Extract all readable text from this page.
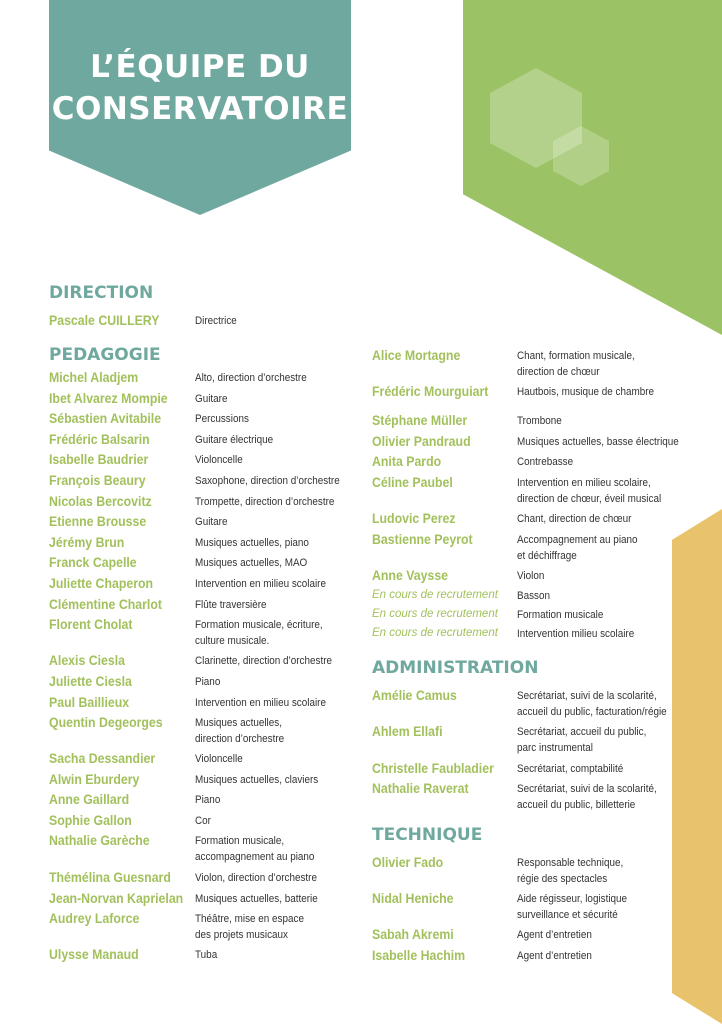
L’ÉQUIPE DU
CONSERVATOIRE
DIRECTION
PEDAGOGIE
ADMINISTRATION
TECHNIQUE
Pascale CUILLERY	Directrice
Michel Aladjem	Alto, direction d’orchestre
Ibet Alvarez Mompie Guitare
Sébastien Avitabile	Percussions
Frédéric Balsarin	Guitare électrique
Isabelle Baudrier	Violoncelle
François Beaury	Saxophone, direction d’orchestre
Nicolas Bercovitz	Trompette, direction d’orchestre
Etienne Brousse	Guitare
Jérémy Brun	Musiques actuelles, piano
Franck Capelle	Musiques actuelles, MAO
Juliette Chaperon	Intervention en milieu scolaire
Clémentine Charlot	Flûte traversière
Florent Cholat	Formation musicale, écriture,
culture musicale.
Alexis Ciesla	Clarinette, direction d’orchestre
Juliette Ciesla	Piano
Paul Baillieux	Intervention en milieu scolaire
Quentin Degeorges	Musiques actuelles,
direction d’orchestre
Sacha Dessandier	Violoncelle
Alwin Eburdery	Musiques actuelles, claviers
Anne Gaillard	Piano
Sophie Gallon	Cor
Nathalie Garèche	Formation musicale,
accompagnement au piano
Thémélina Guesnard Violon, direction d’orchestre
Jean-Norvan Kaprielan Musiques actuelles, batterie
Audrey Laforce	Théâtre, mise en espace
des projets musicaux
Ulysse Manaud	Tuba
Alice Mortagne	Chant, formation musicale,
direction de chœur
Frédéric Mourguiart	Hautbois, musique de chambre
Stéphane Müller	Trombone
Olivier Pandraud	Musiques actuelles, basse électrique
Anita Pardo	Contrebasse
Céline Paubel	Intervention en milieu scolaire,
direction de chœur, éveil musical
Ludovic Perez	Chant, direction de chœur
Bastienne Peyrot	Accompagnement au piano
et déchiffrage
Anne Vaysse	Violon
En cours de recrutement Basson
En cours de recrutement Formation musicale
En cours de recrutement Intervention milieu scolaire
Amélie Camus	Secrétariat, suivi de la scolarité,
accueil du public, facturation/régie
Ahlem Ellafi	Secrétariat, accueil du public,
parc instrumental
Christelle Faubladier Secrétariat, comptabilité
Nathalie Raverat	Secrétariat, suivi de la scolarité,
accueil du public, billetterie
Olivier Fado	Responsable technique,
régie des spectacles
Nidal Heniche	Aide régisseur, logistique
surveillance et sécurité
Sabah Akremi	Agent d’entretien
Isabelle Hachim	Agent d’entretien
